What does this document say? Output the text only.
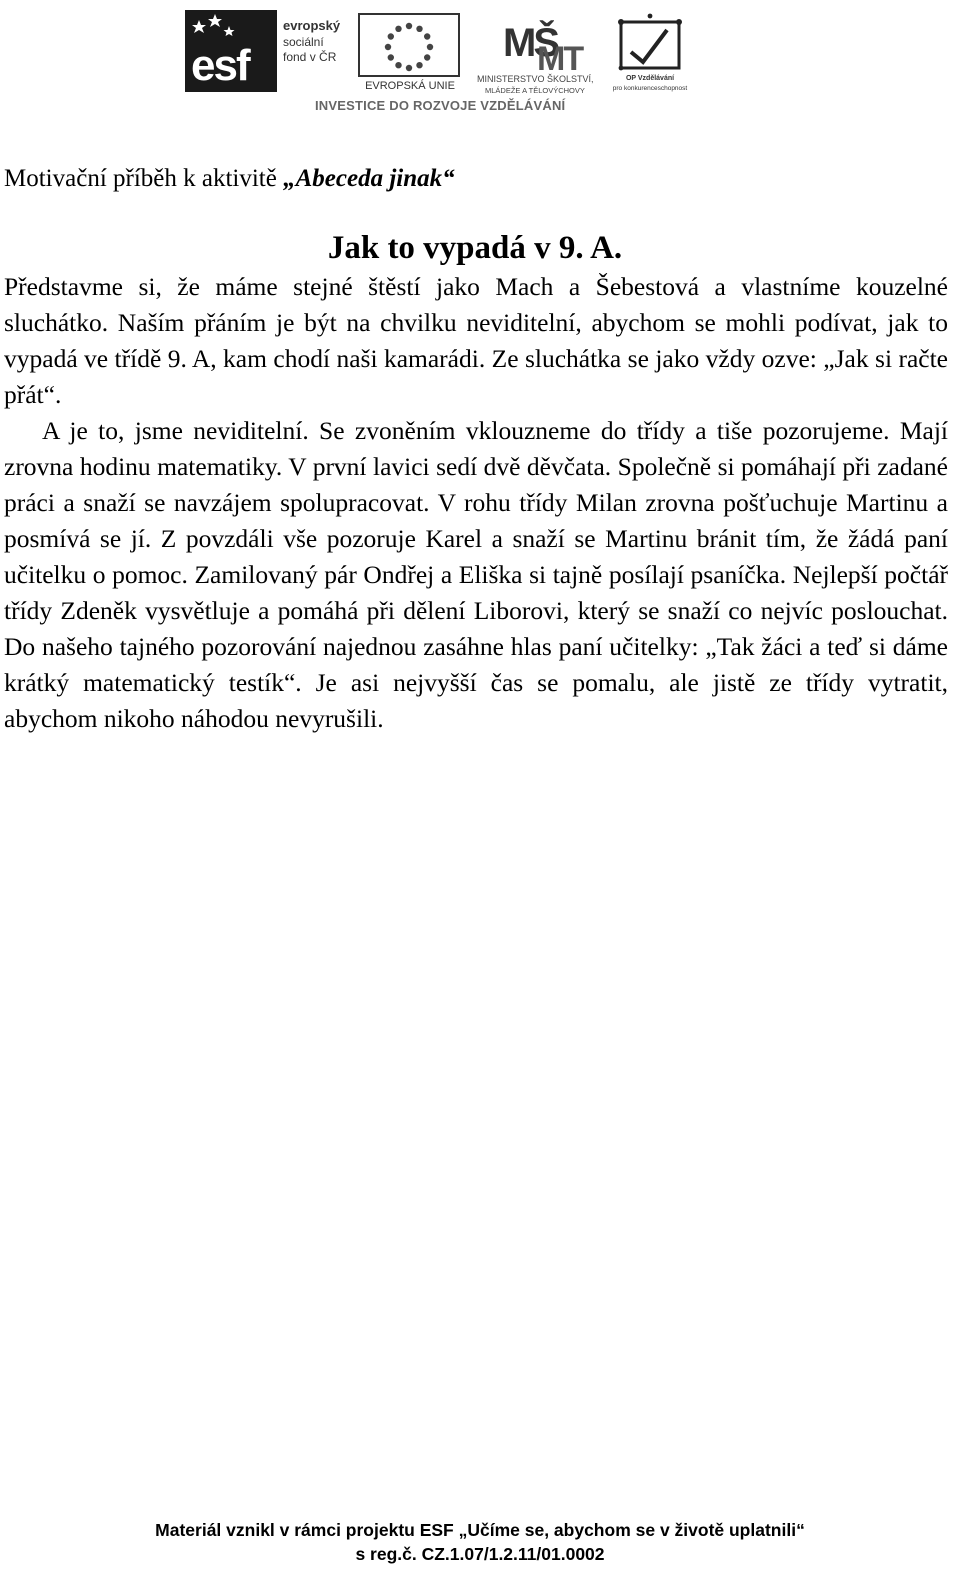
esf
evropský
sociální
fond v ČR
EVROPSKÁ UNIE
MŠ
MT
MINISTERSTVO ŠKOLSTVÍ,
MLÁDEŽE A TĚLOVÝCHOVY
OP Vzdělávání
pro konkurenceschopnost
INVESTICE DO ROZVOJE VZDĚLÁVÁNÍ
Motivační příběh k aktivitě „Abeceda jinak“
Jak to vypadá v 9. A.

Představme si, že máme stejné štěstí jako Mach a Šebestová a vlastníme kouzelné sluchátko. Naším přáním je být na chvilku neviditelní, abychom se mohli podívat, jak to vypadá ve třídě 9. A, kam chodí naši kamarádi. Ze sluchátka se jako vždy ozve: „Jak si račte přát“.

A je to, jsme neviditelní. Se zvoněním vklouzneme do třídy a tiše pozorujeme. Mají zrovna hodinu matematiky. V první lavici sedí dvě děvčata. Společně si pomáhají při zadané práci a snaží se navzájem spolupracovat. V rohu třídy Milan zrovna pošťuchuje Martinu a posmívá se jí. Z povzdáli vše pozoruje Karel a snaží se Martinu bránit tím, že žádá paní učitelku o pomoc. Zamilovaný pár Ondřej a Eliška si tajně posílají psaníčka. Nejlepší počtář třídy Zdeněk vysvětluje a pomáhá při dělení Liborovi, který se snaží co nejvíc poslouchat. Do našeho tajného pozorování najednou zasáhne hlas paní učitelky: „Tak žáci a teď si dáme krátký matematický testík“. Je asi nejvyšší čas se pomalu, ale jistě ze třídy vytratit, abychom nikoho náhodou nevyrušili.

Materiál vznikl v rámci projektu ESF „Učíme se, abychom se v životě uplatnili“
s reg.č. CZ.1.07/1.2.11/01.0002
